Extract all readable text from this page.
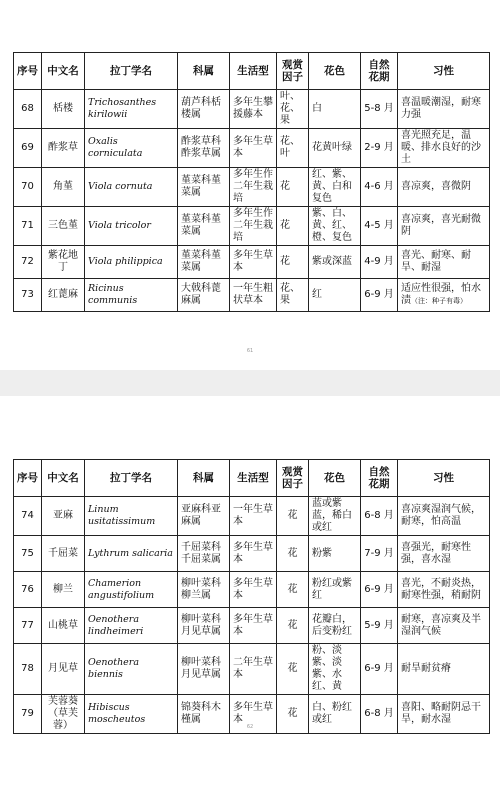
序号	中文名	拉丁学名	科属	生活型	观赏因子	花色	自然花期	习性
68	栝楼	Trichosanthes kirilowii	葫芦科栝楼属	多年生攀援藤本	叶、花、果	白	5-8 月	喜温暖潮湿，耐寒力强
69	酢浆草	Oxalis corniculata	酢浆草科酢浆草属	多年生草本	花、叶	花黄叶绿	2-9 月	喜光照充足，温暖、排水良好的沙土
70	角堇	Viola cornuta	堇菜科堇菜属	多年生作二年生栽培	花	红、紫、黄、白和复色	4-6 月	喜凉爽，喜微阴
71	三色堇	Viola tricolor	堇菜科堇菜属	多年生作二年生栽培	花	紫、白、黄、红、橙、复色	4-5 月	喜凉爽，喜光耐微阴
72	紫花地丁	Viola philippica	堇菜科堇菜属	多年生草本	花	紫或深蓝	4-9 月	喜光、耐寒、耐旱、耐湿
73	红蓖麻	Ricinus communis	大戟科蓖麻属	一年生粗状草本	花、果	红	6-9 月	适应性很强，怕水渍（注：种子有毒）
61
序号	中文名	拉丁学名	科属	生活型	观赏因子	花色	自然花期	习性
74	亚麻	Linum usitatissimum	亚麻科亚麻属	一年生草本	花	蓝或紫蓝，稀白或红	6-8 月	喜凉爽湿润气候，耐寒，怕高温
75	千屈菜	Lythrum salicaria	千屈菜科千屈菜属	多年生草本	花	粉紫	7-9 月	喜强光，耐寒性强，喜水湿
76	柳兰	Chamerion angustifolium	柳叶菜科柳兰属	多年生草本	花	粉红或紫红	6-9 月	喜光，不耐炎热，耐寒性强，稍耐阴
77	山桃草	Oenothera lindheimeri	柳叶菜科月见草属	多年生草本	花	花瓣白，后变粉红	5-9 月	耐寒，喜凉爽及半湿润气候
78	月见草	Oenothera biennis	柳叶菜科月见草属	二年生草本	花	粉、淡紫、淡紫、水红、黄	6-9 月	耐旱耐贫瘠
79	芙蓉葵（草芙蓉）	Hibiscus moscheutos	锦葵科木槿属	多年生草本	花	白、粉红或红	6-8 月	喜阳、略耐阴忌干旱，耐水湿
62
